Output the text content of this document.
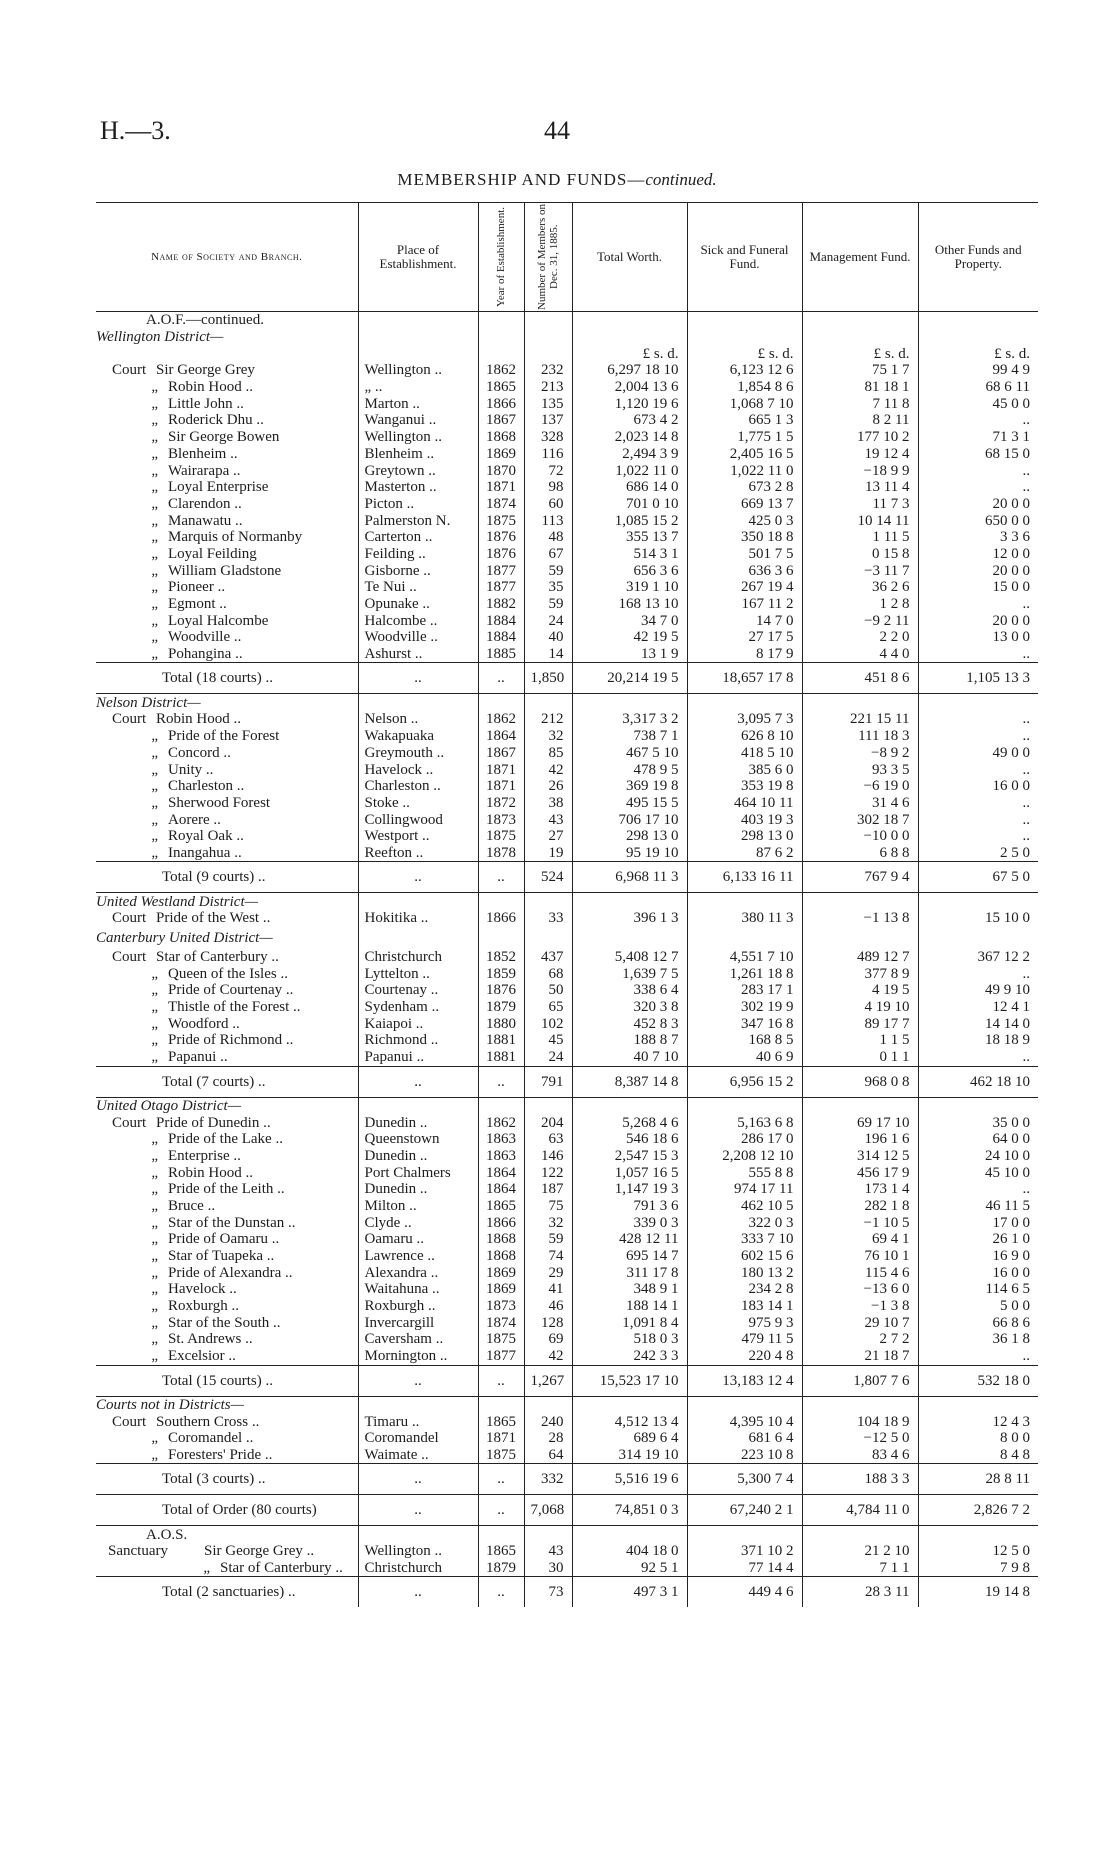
H.—3.	44
MEMBERSHIP AND FUNDS—continued.
Name of Society and Branch.	Place of Establishment.	Year of Establishment.	Number of Members on Dec. 31, 1885.	Total Worth.	Sick and Funeral Fund.	Management Fund.	Other Funds and Property.
A.O.F.—continued.							
Wellington District—							
				£ s. d.	£ s. d.	£ s. d.	£ s. d.
Court Sir George Grey	Wellington ..	1862	232	6,297 18 10	6,123 12 6	75 1 7	99 4 9
„ Robin Hood ..	„ ..	1865	213	2,004 13 6	1,854 8 6	81 18 1	68 6 11
„ Little John ..	Marton ..	1866	135	1,120 19 6	1,068 7 10	7 11 8	45 0 0
„ Roderick Dhu ..	Wanganui ..	1867	137	673 4 2	665 1 3	8 2 11	..
„ Sir George Bowen	Wellington ..	1868	328	2,023 14 8	1,775 1 5	177 10 2	71 3 1
„ Blenheim ..	Blenheim ..	1869	116	2,494 3 9	2,405 16 5	19 12 4	68 15 0
„ Wairarapa ..	Greytown ..	1870	72	1,022 11 0	1,022 11 0	−18 9 9	..
„ Loyal Enterprise	Masterton ..	1871	98	686 14 0	673 2 8	13 11 4	..
„ Clarendon ..	Picton ..	1874	60	701 0 10	669 13 7	11 7 3	20 0 0
„ Manawatu ..	Palmerston N.	1875	113	1,085 15 2	425 0 3	10 14 11	650 0 0
„ Marquis of Normanby	Carterton ..	1876	48	355 13 7	350 18 8	1 11 5	3 3 6
„ Loyal Feilding	Feilding ..	1876	67	514 3 1	501 7 5	0 15 8	12 0 0
„ William Gladstone	Gisborne ..	1877	59	656 3 6	636 3 6	−3 11 7	20 0 0
„ Pioneer ..	Te Nui ..	1877	35	319 1 10	267 19 4	36 2 6	15 0 0
„ Egmont ..	Opunake ..	1882	59	168 13 10	167 11 2	1 2 8	..
„ Loyal Halcombe	Halcombe ..	1884	24	34 7 0	14 7 0	−9 2 11	20 0 0
„ Woodville ..	Woodville ..	1884	40	42 19 5	27 17 5	2 2 0	13 0 0
„ Pohangina ..	Ashurst ..	1885	14	13 1 9	8 17 9	4 4 0	..
Total (18 courts) ..	..	..	1,850	20,214 19 5	18,657 17 8	451 8 6	1,105 13 3
Nelson District—							
Court Robin Hood ..	Nelson ..	1862	212	3,317 3 2	3,095 7 3	221 15 11	..
„ Pride of the Forest	Wakapuaka	1864	32	738 7 1	626 8 10	111 18 3	..
„ Concord ..	Greymouth ..	1867	85	467 5 10	418 5 10	−8 9 2	49 0 0
„ Unity ..	Havelock ..	1871	42	478 9 5	385 6 0	93 3 5	..
„ Charleston ..	Charleston ..	1871	26	369 19 8	353 19 8	−6 19 0	16 0 0
„ Sherwood Forest	Stoke ..	1872	38	495 15 5	464 10 11	31 4 6	..
„ Aorere ..	Collingwood	1873	43	706 17 10	403 19 3	302 18 7	..
„ Royal Oak ..	Westport ..	1875	27	298 13 0	298 13 0	−10 0 0	..
„ Inangahua ..	Reefton ..	1878	19	95 19 10	87 6 2	6 8 8	2 5 0
Total (9 courts) ..	..	..	524	6,968 11 3	6,133 16 11	767 9 4	67 5 0
United Westland District—							
Court Pride of the West ..	Hokitika ..	1866	33	396 1 3	380 11 3	−1 13 8	15 10 0
Canterbury United District—							
Court Star of Canterbury ..	Christchurch	1852	437	5,408 12 7	4,551 7 10	489 12 7	367 12 2
„ Queen of the Isles ..	Lyttelton ..	1859	68	1,639 7 5	1,261 18 8	377 8 9	..
„ Pride of Courtenay ..	Courtenay ..	1876	50	338 6 4	283 17 1	4 19 5	49 9 10
„ Thistle of the Forest ..	Sydenham ..	1879	65	320 3 8	302 19 9	4 19 10	12 4 1
„ Woodford ..	Kaiapoi ..	1880	102	452 8 3	347 16 8	89 17 7	14 14 0
„ Pride of Richmond ..	Richmond ..	1881	45	188 8 7	168 8 5	1 1 5	18 18 9
„ Papanui ..	Papanui ..	1881	24	40 7 10	40 6 9	0 1 1	..
Total (7 courts) ..	..	..	791	8,387 14 8	6,956 15 2	968 0 8	462 18 10
United Otago District—							
Court Pride of Dunedin ..	Dunedin ..	1862	204	5,268 4 6	5,163 6 8	69 17 10	35 0 0
„ Pride of the Lake ..	Queenstown	1863	63	546 18 6	286 17 0	196 1 6	64 0 0
„ Enterprise ..	Dunedin ..	1863	146	2,547 15 3	2,208 12 10	314 12 5	24 10 0
„ Robin Hood ..	Port Chalmers	1864	122	1,057 16 5	555 8 8	456 17 9	45 10 0
„ Pride of the Leith ..	Dunedin ..	1864	187	1,147 19 3	974 17 11	173 1 4	..
„ Bruce ..	Milton ..	1865	75	791 3 6	462 10 5	282 1 8	46 11 5
„ Star of the Dunstan ..	Clyde ..	1866	32	339 0 3	322 0 3	−1 10 5	17 0 0
„ Pride of Oamaru ..	Oamaru ..	1868	59	428 12 11	333 7 10	69 4 1	26 1 0
„ Star of Tuapeka ..	Lawrence ..	1868	74	695 14 7	602 15 6	76 10 1	16 9 0
„ Pride of Alexandra ..	Alexandra ..	1869	29	311 17 8	180 13 2	115 4 6	16 0 0
„ Havelock ..	Waitahuna ..	1869	41	348 9 1	234 2 8	−13 6 0	114 6 5
„ Roxburgh ..	Roxburgh ..	1873	46	188 14 1	183 14 1	−1 3 8	5 0 0
„ Star of the South ..	Invercargill	1874	128	1,091 8 4	975 9 3	29 10 7	66 8 6
„ St. Andrews ..	Caversham ..	1875	69	518 0 3	479 11 5	2 7 2	36 1 8
„ Excelsior ..	Mornington ..	1877	42	242 3 3	220 4 8	21 18 7	..
Total (15 courts) ..	..	..	1,267	15,523 17 10	13,183 12 4	1,807 7 6	532 18 0
Courts not in Districts—							
Court Southern Cross ..	Timaru ..	1865	240	4,512 13 4	4,395 10 4	104 18 9	12 4 3
„ Coromandel ..	Coromandel	1871	28	689 6 4	681 6 4	−12 5 0	8 0 0
„ Foresters' Pride ..	Waimate ..	1875	64	314 19 10	223 10 8	83 4 6	8 4 8
Total (3 courts) ..	..	..	332	5,516 19 6	5,300 7 4	188 3 3	28 8 11
Total of Order (80 courts)	..	..	7,068	74,851 0 3	67,240 2 1	4,784 11 0	2,826 7 2
A.O.S.							
Sanctuary Sir George Grey ..	Wellington ..	1865	43	404 18 0	371 10 2	21 2 10	12 5 0
„ Star of Canterbury ..	Christchurch	1879	30	92 5 1	77 14 4	7 1 1	7 9 8
Total (2 sanctuaries) ..	..	..	73	497 3 1	449 4 6	28 3 11	19 14 8
